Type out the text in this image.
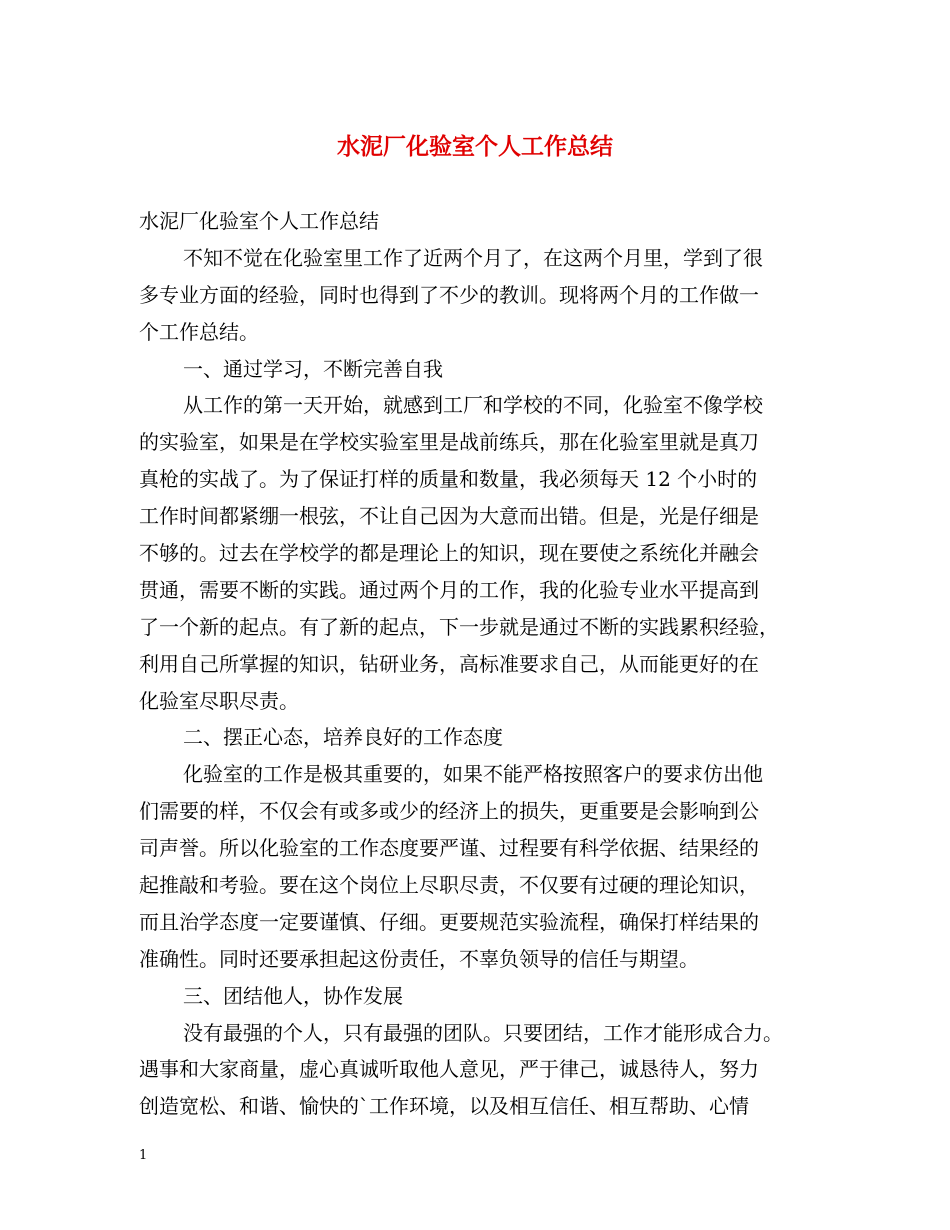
水泥厂化验室个人工作总结
水泥厂化验室个人工作总结
不知不觉在化验室里工作了近两个月了，在这两个月里，学到了很
多专业方面的经验，同时也得到了不少的教训。现将两个月的工作做一
个工作总结。
一、通过学习，不断完善自我
从工作的第一天开始，就感到工厂和学校的不同，化验室不像学校
的实验室，如果是在学校实验室里是战前练兵，那在化验室里就是真刀
真枪的实战了。为了保证打样的质量和数量，我必须每天 12 个小时的
工作时间都紧绷一根弦，不让自己因为大意而出错。但是，光是仔细是
不够的。过去在学校学的都是理论上的知识，现在要使之系统化并融会
贯通，需要不断的实践。通过两个月的工作，我的化验专业水平提高到
了一个新的起点。有了新的起点，下一步就是通过不断的实践累积经验，
利用自己所掌握的知识，钻研业务，高标准要求自己，从而能更好的在
化验室尽职尽责。
二、摆正心态，培养良好的工作态度
化验室的工作是极其重要的，如果不能严格按照客户的要求仿出他
们需要的样，不仅会有或多或少的经济上的损失，更重要是会影响到公
司声誉。所以化验室的工作态度要严谨、过程要有科学依据、结果经的
起推敲和考验。要在这个岗位上尽职尽责，不仅要有过硬的理论知识，
而且治学态度一定要谨慎、仔细。更要规范实验流程，确保打样结果的
准确性。同时还要承担起这份责任，不辜负领导的信任与期望。
三、团结他人，协作发展
没有最强的个人，只有最强的团队。只要团结，工作才能形成合力。
遇事和大家商量，虚心真诚听取他人意见，严于律己，诚恳待人，努力
创造宽松、和谐、愉快的`工作环境，以及相互信任、相互帮助、心情
1
